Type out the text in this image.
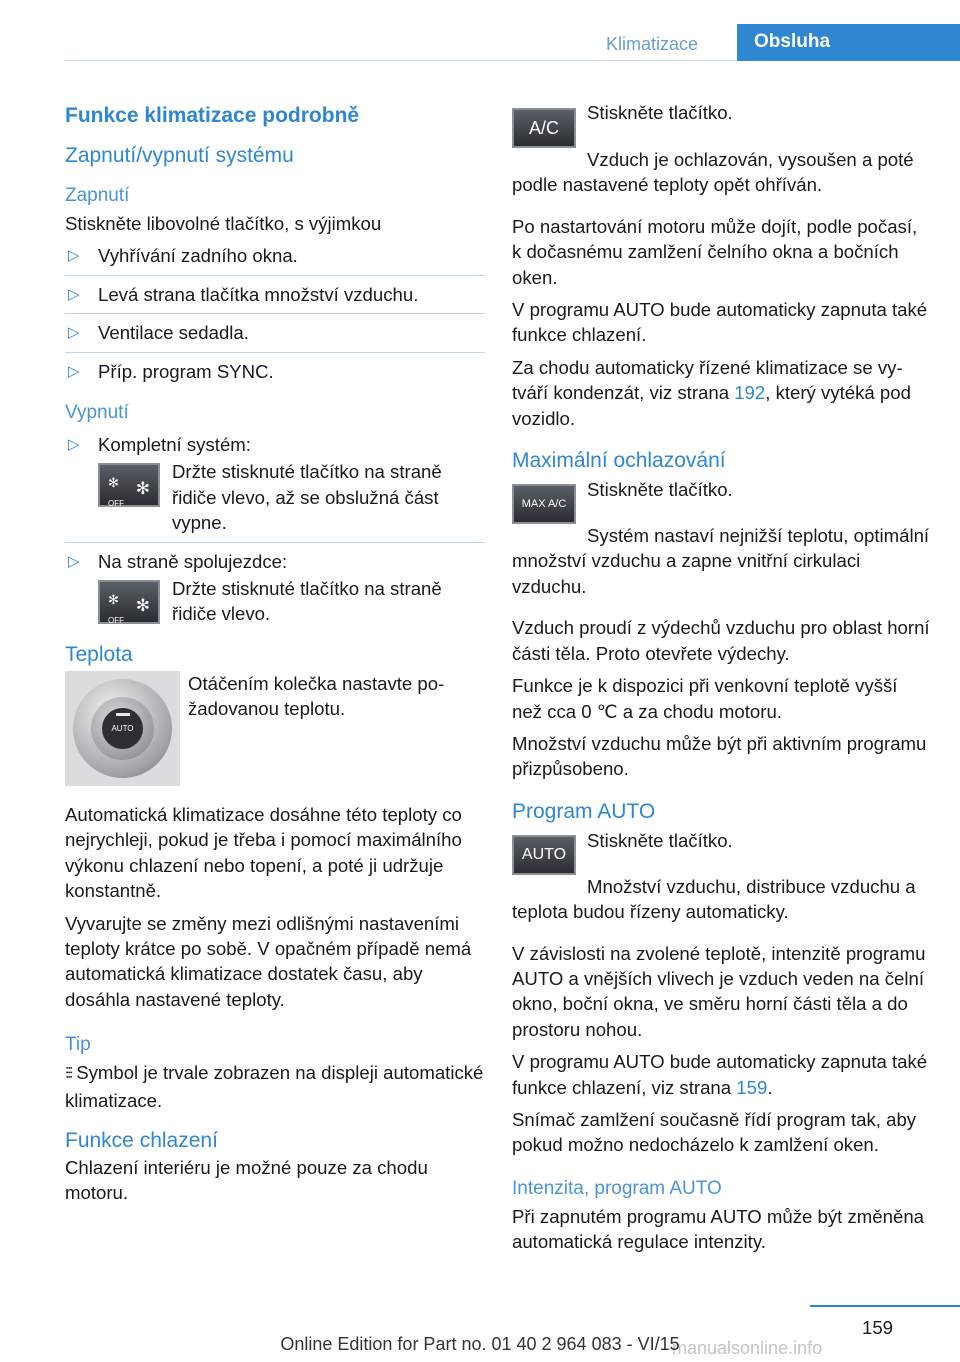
Klimatizace	Obsluha
Funkce klimatizace podrobně
Zapnutí/vypnutí systému
Zapnutí

Stiskněte libovolné tlačítko, s výjimkou

▷ Vyhřívání zadního okna.
▷ Levá strana tlačítka množství vzduchu.
▷ Ventilace sedadla.
▷ Příp. program SYNC.
Vypnutí
▷ Kompletní systém:
✻
OFF
✻
Držte stisknuté tlačítko na straně řidiče vlevo, až se obslužná část vypne.
▷ Na straně spolujezdce:
✻
OFF
✻
Držte stisknuté tlačítko na straně řidiče vlevo.
Teplota
AUTO
Otáčením kolečka nastavte požadovanou teplotu.

Automatická klimatizace dosáhne této teploty co nejrychleji, pokud je třeba i pomocí maximálního výkonu chlazení nebo topení, a poté ji udržuje konstantně.

Vyvarujte se změny mezi odlišnými nastaveními teploty krátce po sobě. V opačném případě nemá automatická klimatizace dostatek času, aby dosáhla nastavené teploty.

Tip

⫶⫶⫶ Symbol je trvale zobrazen na displeji automatické klimatizace.

Funkce chlazení

Chlazení interiéru je možné pouze za chodu motoru.

A/C

Stiskněte tlačítko.

Vzduch je ochlazován, vysoušen a poté podle nastavené teploty opět ohříván.

Po nastartování motoru může dojít, podle počasí, k dočasnému zamlžení čelního okna a bočních oken.

V programu AUTO bude automaticky zapnuta také funkce chlazení.

Za chodu automaticky řízené klimatizace se vytváří kondenzát, viz strana 192, který vytéká pod vozidlo.

Maximální ochlazování
MAX A/C

Stiskněte tlačítko.

Systém nastaví nejnižší teplotu, optimální množství vzduchu a zapne vnitřní cirkulaci vzduchu.

Vzduch proudí z výdechů vzduchu pro oblast horní části těla. Proto otevřete výdechy.

Funkce je k dispozici při venkovní teplotě vyšší než cca 0 ℃ a za chodu motoru.

Množství vzduchu může být při aktivním programu přizpůsobeno.

Program AUTO
AUTO

Stiskněte tlačítko.

Množství vzduchu, distribuce vzduchu a teplota budou řízeny automaticky.

V závislosti na zvolené teplotě, intenzitě programu AUTO a vnějších vlivech je vzduch veden na čelní okno, boční okna, ve směru horní části těla a do prostoru nohou.

V programu AUTO bude automaticky zapnuta také funkce chlazení, viz strana 159.

Snímač zamlžení současně řídí program tak, aby pokud možno nedocházelo k zamlžení oken.

Intenzita, program AUTO

Při zapnutém programu AUTO může být změněna automatická regulace intenzity.

159
manualsonline.info
Online Edition for Part no. 01 40 2 964 083 - VI/15
